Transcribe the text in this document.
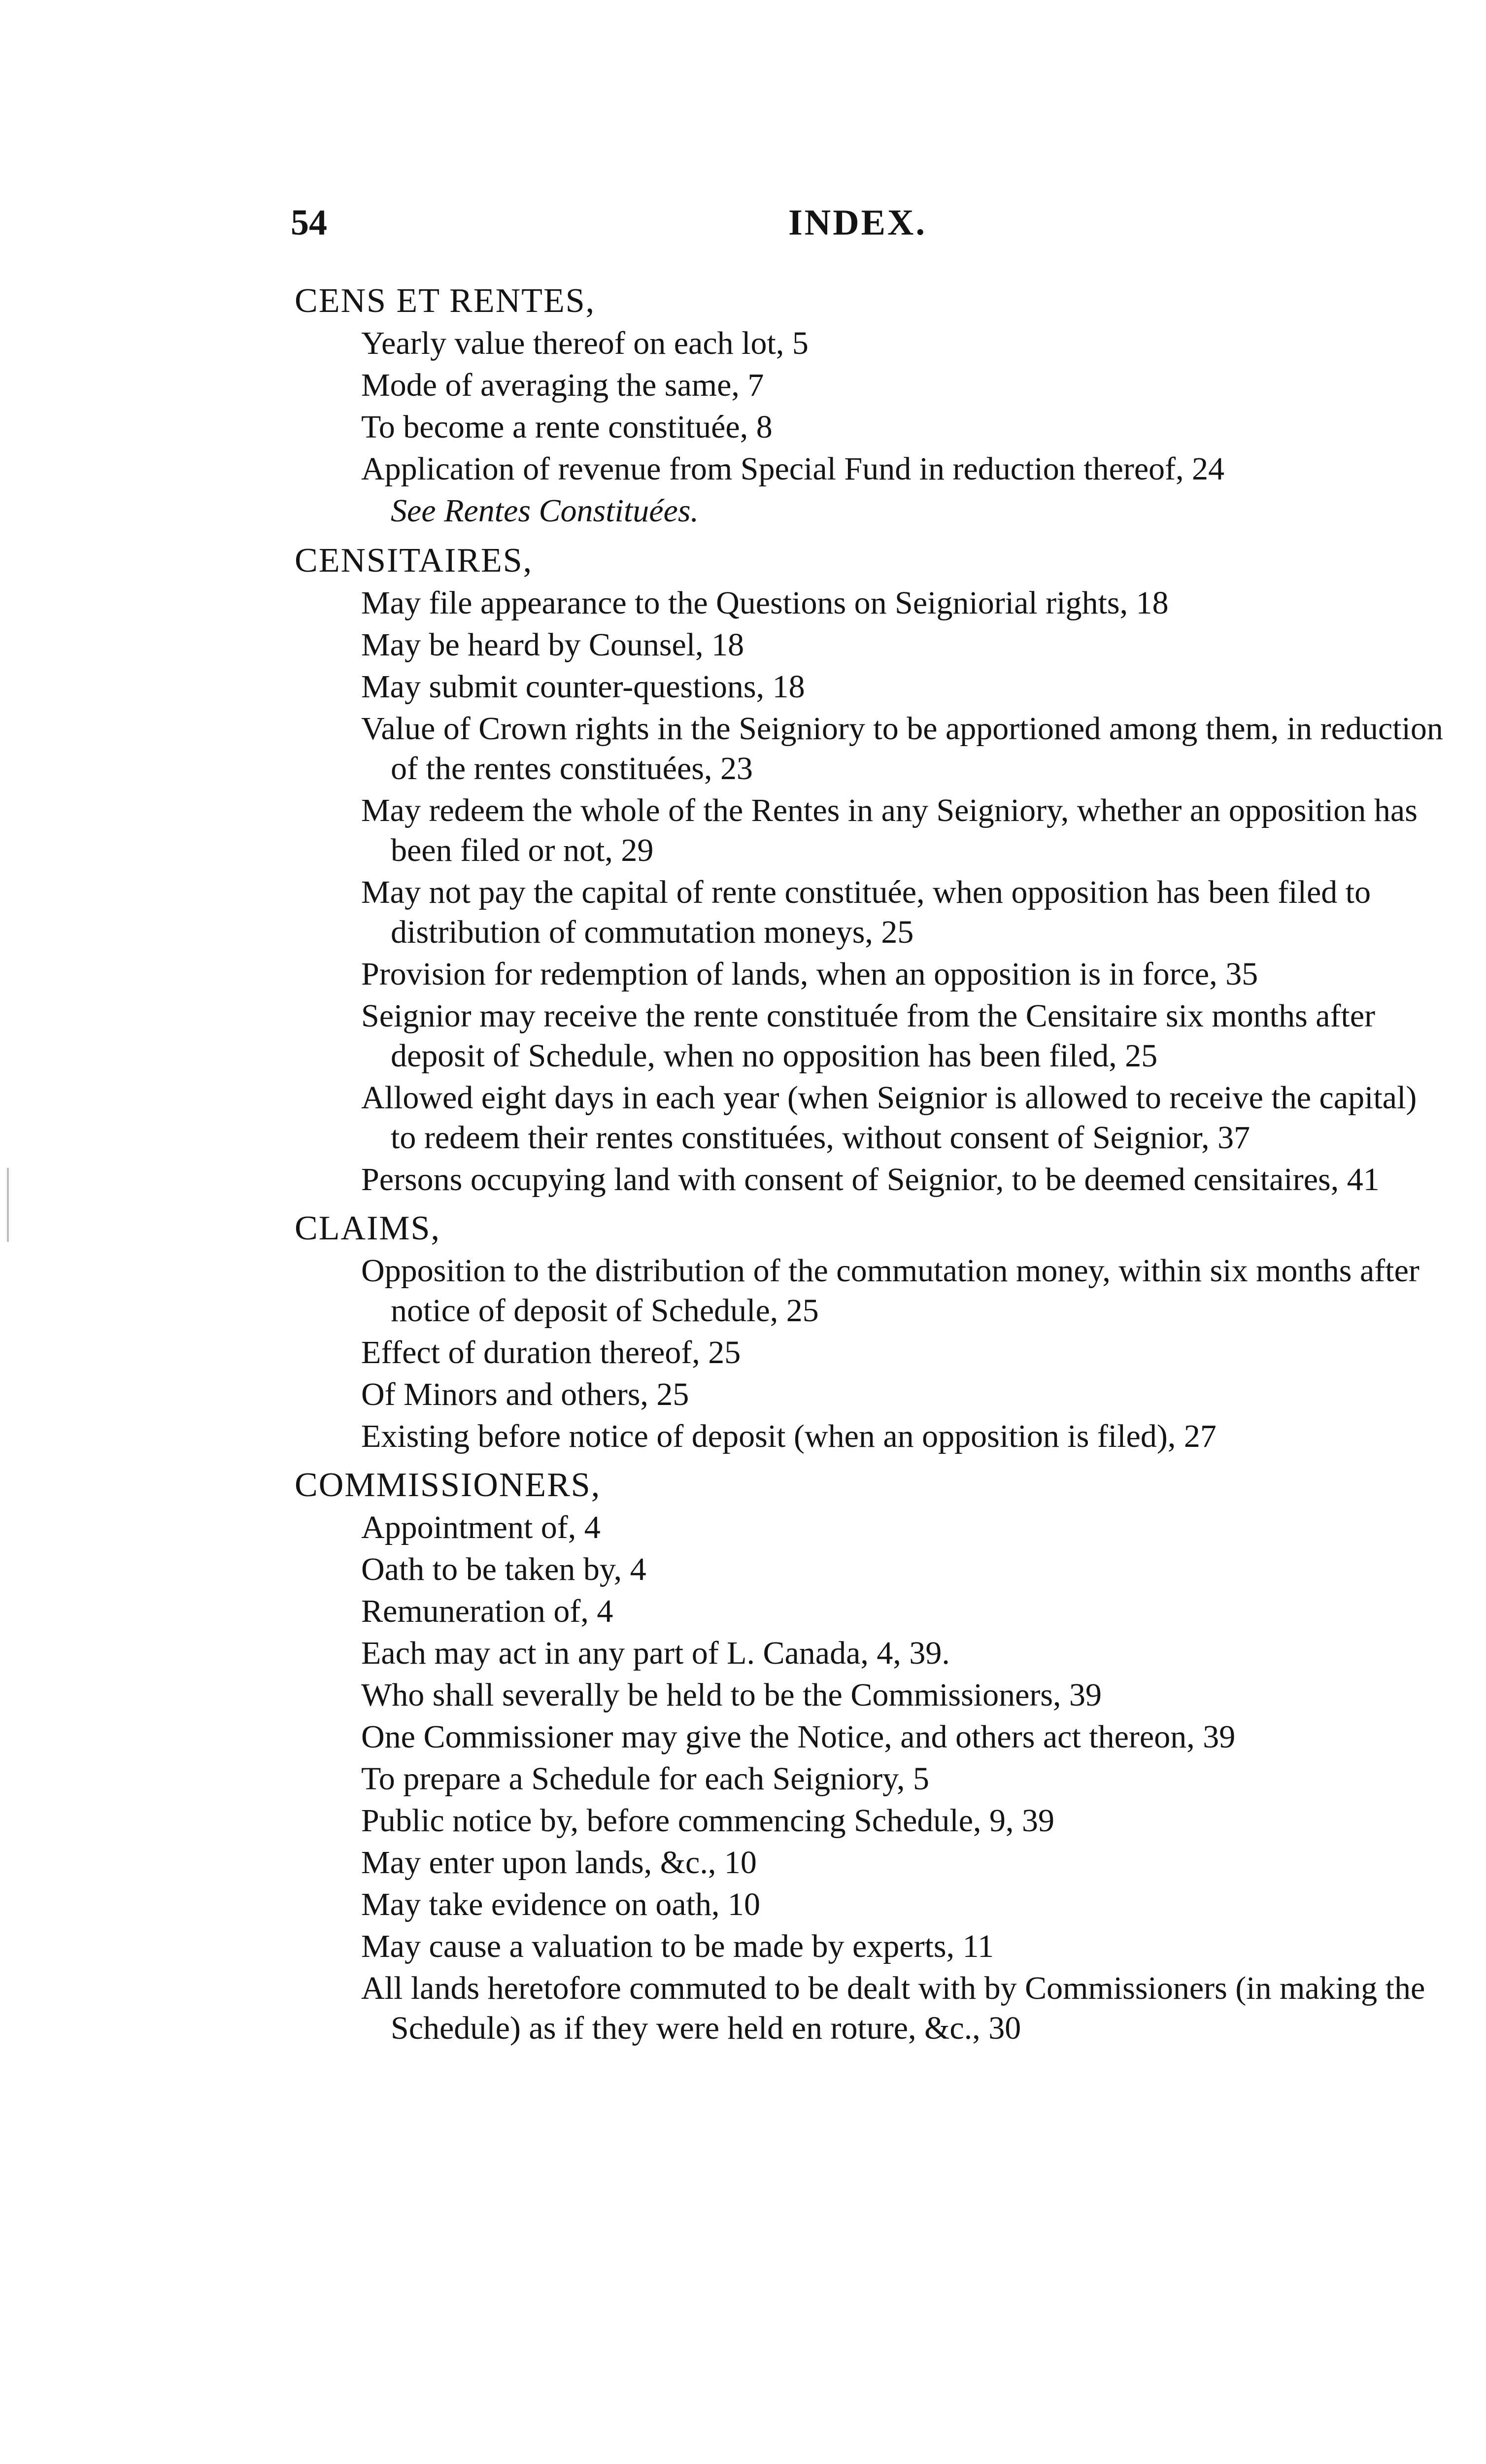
54	INDEX.
CENS ET RENTES,
Yearly value thereof on each lot, 5
Mode of averaging the same, 7
To become a rente constituée, 8
Application of revenue from Special Fund in reduction thereof, 24
See Rentes Constituées.
CENSITAIRES,
May file appearance to the Questions on Seigniorial rights, 18
May be heard by Counsel, 18
May submit counter-questions, 18
Value of Crown rights in the Seigniory to be apportioned among them, in reduction of the rentes constituées, 23
May redeem the whole of the Rentes in any Seigniory, whether an opposition has been filed or not, 29
May not pay the capital of rente constituée, when opposition has been filed to distribution of commutation moneys, 25
Provision for redemption of lands, when an opposition is in force, 35
Seignior may receive the rente constituée from the Censitaire six months after deposit of Schedule, when no opposition has been filed, 25
Allowed eight days in each year (when Seignior is allowed to receive the capital) to redeem their rentes constituées, without consent of Seignior, 37
Persons occupying land with consent of Seignior, to be deemed censitaires, 41
CLAIMS,
Opposition to the distribution of the commutation money, within six months after notice of deposit of Schedule, 25
Effect of duration thereof, 25
Of Minors and others, 25
Existing before notice of deposit (when an opposition is filed), 27
COMMISSIONERS,
Appointment of, 4
Oath to be taken by, 4
Remuneration of, 4
Each may act in any part of L. Canada, 4, 39.
Who shall severally be held to be the Commissioners, 39
One Commissioner may give the Notice, and others act thereon, 39
To prepare a Schedule for each Seigniory, 5
Public notice by, before commencing Schedule, 9, 39
May enter upon lands, &c., 10
May take evidence on oath, 10
May cause a valuation to be made by experts, 11
All lands heretofore commuted to be dealt with by Commissioners (in making the Schedule) as if they were held en roture, &c., 30
